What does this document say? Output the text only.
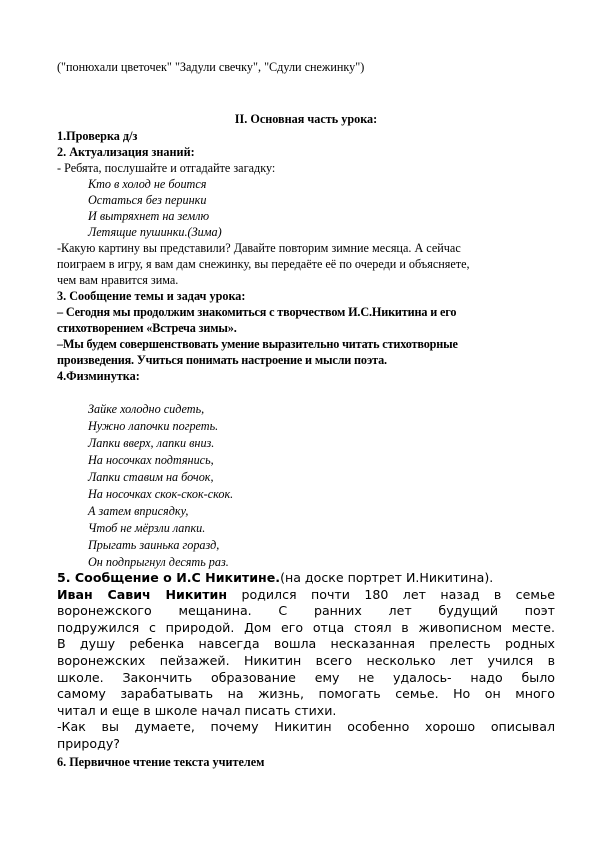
("понюхали цветочек" "Задули свечку", "Сдули снежинку")
II. Основная часть урока:
1.Проверка д/з
2. Актуализация знаний:
- Ребята, послушайте и отгадайте загадку:
Кто в холод не боится
Остаться без перинки
И вытряхнет на землю
Летящие пушинки.(Зима)
-Какую картину вы представили? Давайте повторим зимние месяца. А сейчас
поиграем в игру, я вам дам снежинку, вы передаёте её по очереди и объясняете,
чем вам нравится зима.
3. Сообщение темы и задач урока:
– Сегодня мы продолжим знакомиться с творчеством И.С.Никитина и его
стихотворением «Встреча зимы».
–Мы будем совершенствовать умение выразительно читать стихотворные
произведения. Учиться понимать настроение и мысли поэта.
4.Физминутка:
Зайке холодно сидеть,
Нужно лапочки погреть.
Лапки вверх, лапки вниз.
На носочках подтянись,
Лапки ставим на бочок,
На носочках скок-скок-скок.
А затем вприсядку,
Чтоб не мёрзли лапки.
Прыгать заинька горазд,
Он подпрыгнул десять раз.
5. Сообщение о И.С Никитине.(на доске портрет И.Никитина).
Иван Савич Никитин родился почти 180 лет назад в семье
воронежского мещанина. С ранних лет будущий поэт
подружился с природой. Дом его отца стоял в живописном месте.
В душу ребенка навсегда вошла несказанная прелесть родных
воронежских пейзажей. Никитин всего несколько лет учился в
школе. Закончить образование ему не удалось- надо было
самому зарабатывать на жизнь, помогать семье. Но он много
читал и еще в школе начал писать стихи.
-Как вы думаете, почему Никитин особенно хорошо описывал
природу?
6. Первичное чтение текста учителем
